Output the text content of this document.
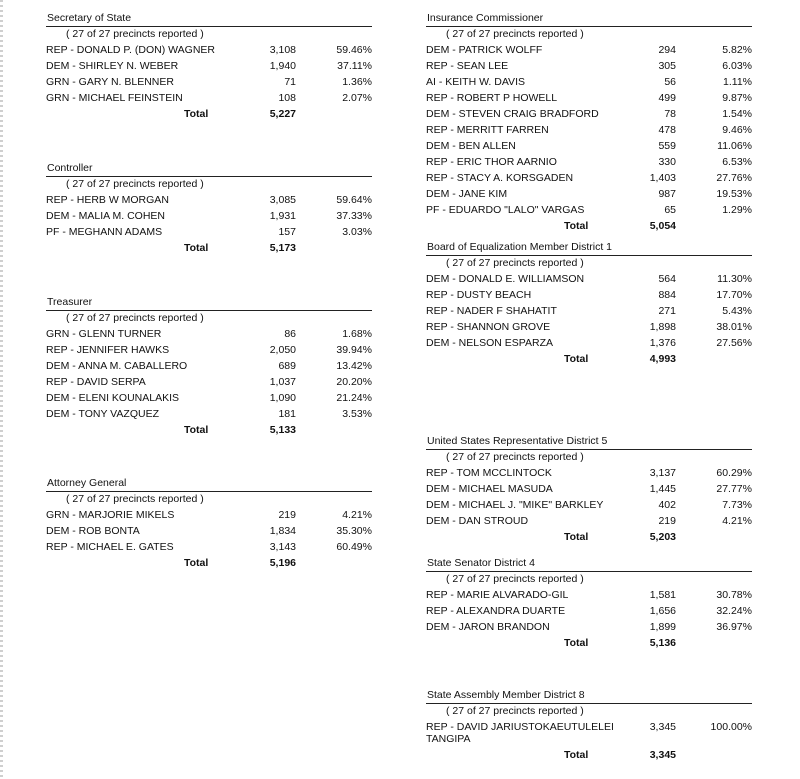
Secretary of State
( 27 of 27 precincts reported )
REP - DONALD P. (DON) WAGNER	3,108	59.46%
DEM - SHIRLEY N. WEBER	1,940	37.11%
GRN - GARY N. BLENNER	71	1.36%
GRN - MICHAEL FEINSTEIN	108	2.07%
Total	5,227
Controller
( 27 of 27 precincts reported )
REP - HERB W MORGAN	3,085	59.64%
DEM - MALIA M. COHEN	1,931	37.33%
PF - MEGHANN ADAMS	157	3.03%
Total	5,173
Treasurer
( 27 of 27 precincts reported )
GRN - GLENN TURNER	86	1.68%
REP - JENNIFER HAWKS	2,050	39.94%
DEM - ANNA M. CABALLERO	689	13.42%
REP - DAVID SERPA	1,037	20.20%
DEM - ELENI KOUNALAKIS	1,090	21.24%
DEM - TONY VAZQUEZ	181	3.53%
Total	5,133
Attorney General
( 27 of 27 precincts reported )
GRN - MARJORIE MIKELS	219	4.21%
DEM - ROB BONTA	1,834	35.30%
REP - MICHAEL E. GATES	3,143	60.49%
Total	5,196
Insurance Commissioner
( 27 of 27 precincts reported )
DEM - PATRICK WOLFF	294	5.82%
REP - SEAN LEE	305	6.03%
AI - KEITH W. DAVIS	56	1.11%
REP - ROBERT P HOWELL	499	9.87%
DEM - STEVEN CRAIG BRADFORD	78	1.54%
REP - MERRITT FARREN	478	9.46%
DEM - BEN ALLEN	559	11.06%
REP - ERIC THOR AARNIO	330	6.53%
REP - STACY A. KORSGADEN	1,403	27.76%
DEM - JANE KIM	987	19.53%
PF - EDUARDO "LALO" VARGAS	65	1.29%
Total	5,054
Board of Equalization Member District 1
( 27 of 27 precincts reported )
DEM - DONALD E. WILLIAMSON	564	11.30%
REP - DUSTY BEACH	884	17.70%
REP - NADER F SHAHATIT	271	5.43%
REP - SHANNON GROVE	1,898	38.01%
DEM - NELSON ESPARZA	1,376	27.56%
Total	4,993
United States Representative District 5
( 27 of 27 precincts reported )
REP - TOM MCCLINTOCK	3,137	60.29%
DEM - MICHAEL MASUDA	1,445	27.77%
DEM - MICHAEL J. "MIKE" BARKLEY	402	7.73%
DEM - DAN STROUD	219	4.21%
Total	5,203
State Senator District 4
( 27 of 27 precincts reported )
REP - MARIE ALVARADO-GIL	1,581	30.78%
REP - ALEXANDRA DUARTE	1,656	32.24%
DEM - JARON BRANDON	1,899	36.97%
Total	5,136
State Assembly Member District 8
( 27 of 27 precincts reported )
REP - DAVID JARIUSTOKAEUTULELEI
TANGIPA
3,345	100.00%
Total	3,345
